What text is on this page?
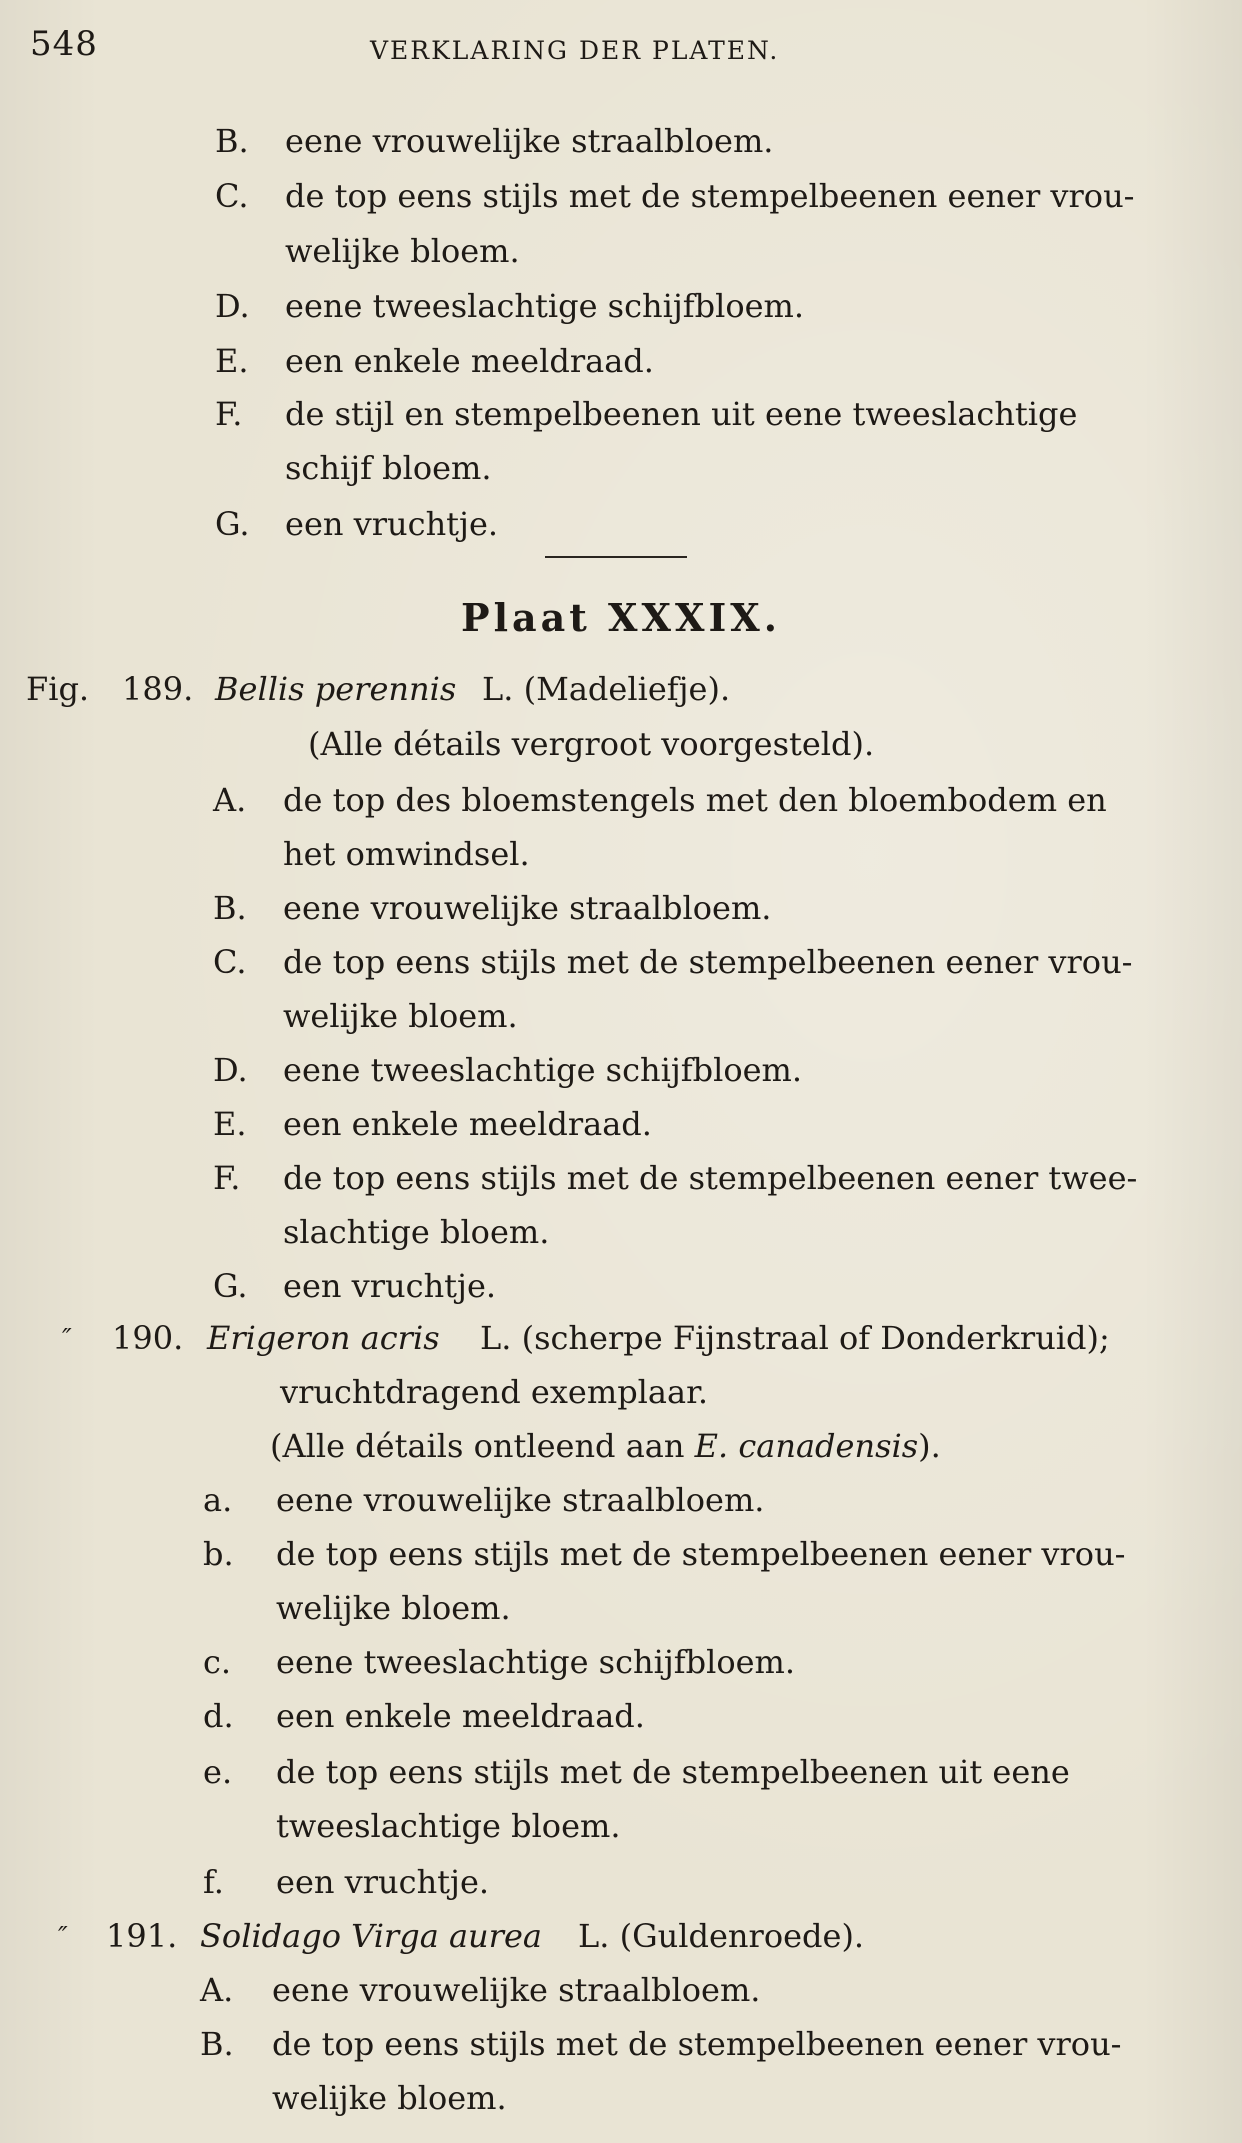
548	VERKLARING DER PLATEN.
B. eene vrouwelijke straalbloem.
C. de top eens stijls met de stempelbeenen eener vrou-
welijke bloem.
D. eene tweeslachtige schijfbloem.
E. een enkele meeldraad.
F. de stijl en stempelbeenen uit eene tweeslachtige
schijf bloem.
G. een vruchtje.
Plaat XXXIX.
Fig. 189. Bellis perennis L. (Madeliefje).
(Alle détails vergroot voorgesteld).
A. de top des bloemstengels met den bloembodem en
het omwindsel.
B. eene vrouwelijke straalbloem.
C. de top eens stijls met de stempelbeenen eener vrou-
welijke bloem.
D. eene tweeslachtige schijfbloem.
E. een enkele meeldraad.
F. de top eens stijls met de stempelbeenen eener twee-
slachtige bloem.
G. een vruchtje.
″ 190. Erigeron acris L. (scherpe Fijnstraal of Donderkruid);
vruchtdragend exemplaar.
(Alle détails ontleend aan E. canadensis).
a. eene vrouwelijke straalbloem.
b. de top eens stijls met de stempelbeenen eener vrou-
welijke bloem.
c. eene tweeslachtige schijfbloem.
d. een enkele meeldraad.
e. de top eens stijls met de stempelbeenen uit eene
tweeslachtige bloem.
f. een vruchtje.
″ 191. Solidago Virga aurea L. (Guldenroede).
A. eene vrouwelijke straalbloem.
B. de top eens stijls met de stempelbeenen eener vrou-
welijke bloem.
